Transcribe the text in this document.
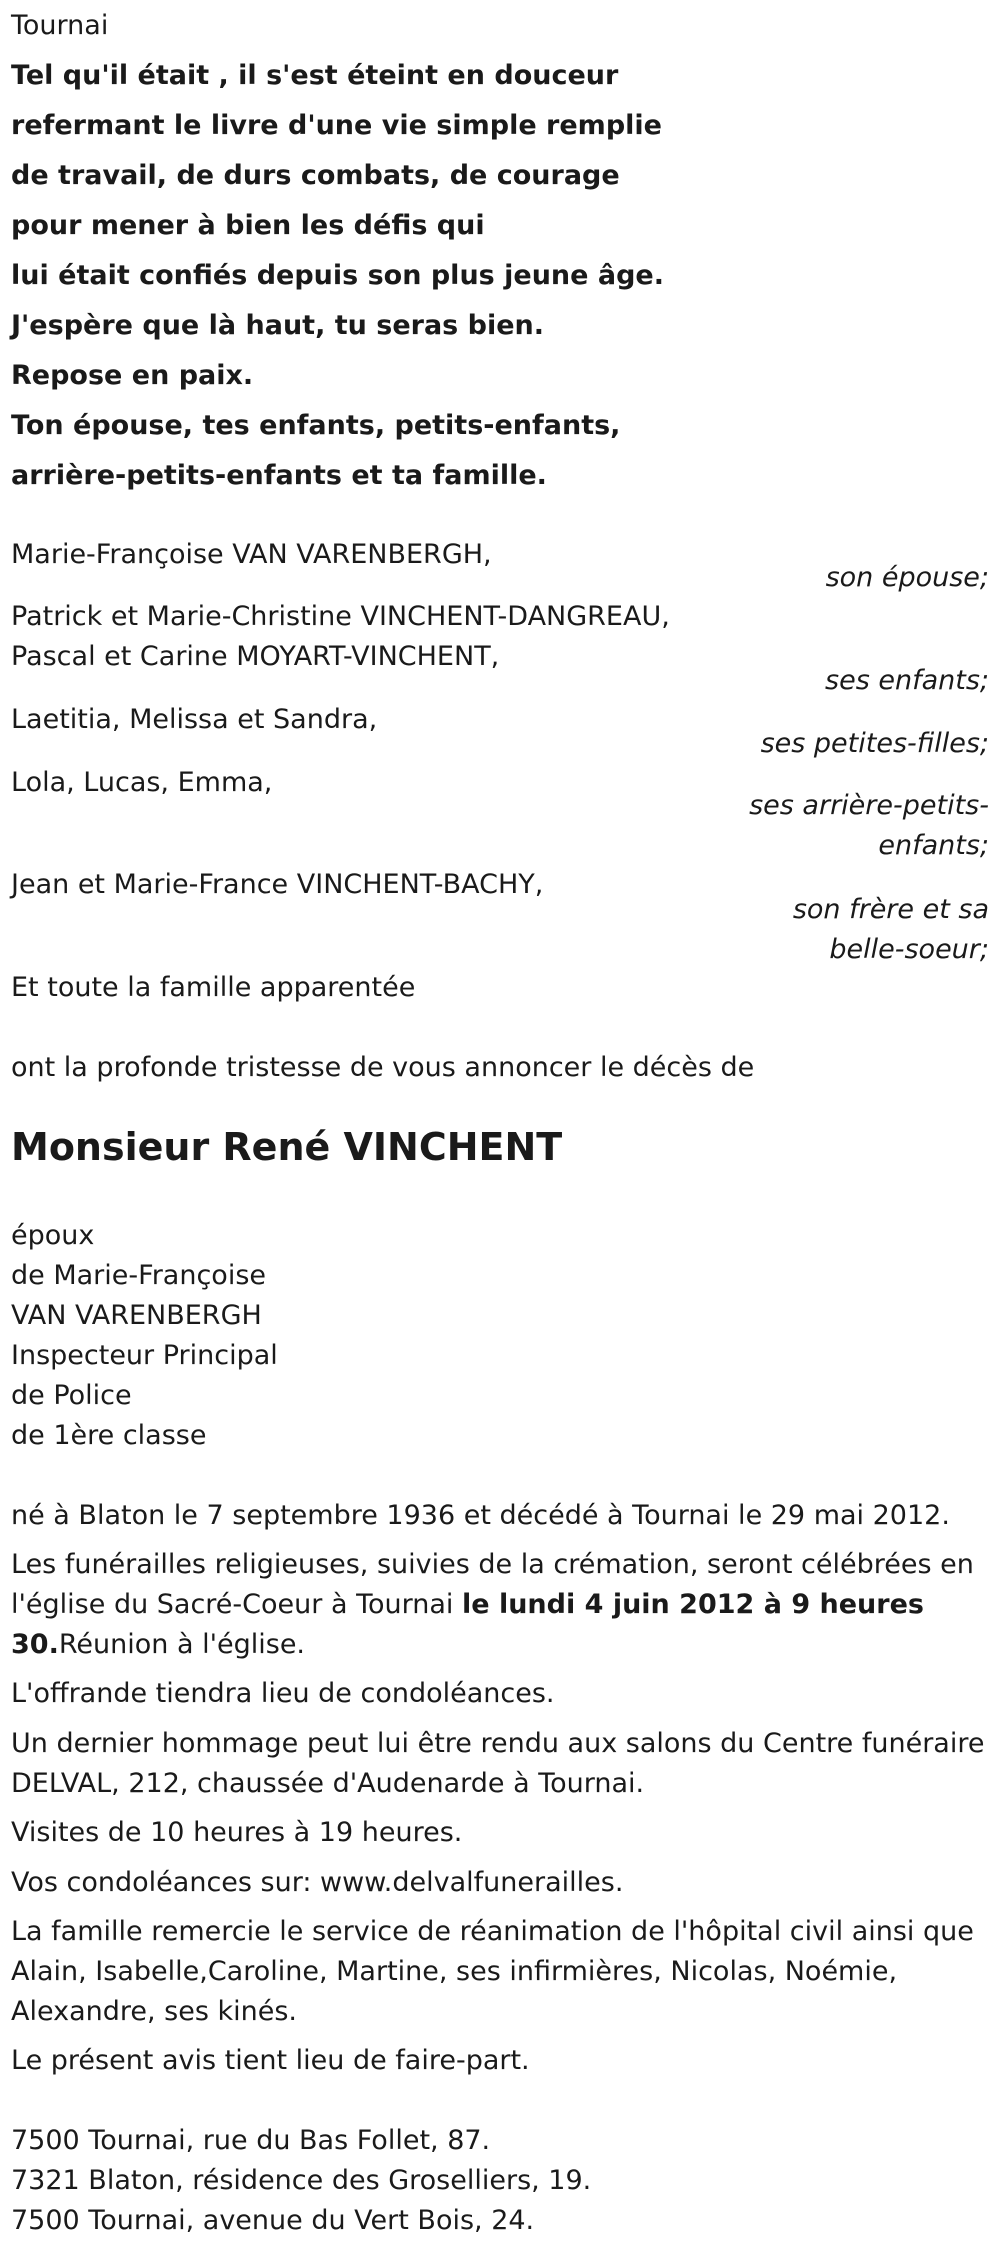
Tournai

Tel qu'il était , il s'est éteint en douceur

refermant le livre d'une vie simple remplie

de travail, de durs combats, de courage

pour mener à bien les défis qui

lui était confiés depuis son plus jeune âge.

J'espère que là haut, tu seras bien.

Repose en paix.

Ton épouse, tes enfants, petits-enfants,

arrière-petits-enfants et ta famille.

Marie-Françoise VAN VARENBERGH,

son épouse;

Patrick et Marie-Christine VINCHENT-DANGREAU,

Pascal et Carine MOYART-VINCHENT,

ses enfants;

Laetitia, Melissa et Sandra,

ses petites-filles;

Lola, Lucas, Emma,

ses arrière-petits-

enfants;

Jean et Marie-France VINCHENT-BACHY,

son frère et sa

belle-soeur;

Et toute la famille apparentée

ont la profonde tristesse de vous annoncer le décès de

Monsieur René VINCHENT

époux

de Marie-Françoise

VAN VARENBERGH

Inspecteur Principal

de Police

de 1ère classe

né à Blaton le 7 septembre 1936 et décédé à Tournai le 29 mai 2012.

Les funérailles religieuses, suivies de la crémation, seront célébrées en

l'église du Sacré-Coeur à Tournai le lundi 4 juin 2012 à 9 heures

30.Réunion à l'église.

L'offrande tiendra lieu de condoléances.

Un dernier hommage peut lui être rendu aux salons du Centre funéraire

DELVAL, 212, chaussée d'Audenarde à Tournai.

Visites de 10 heures à 19 heures.

Vos condoléances sur: www.delvalfunerailles.

La famille remercie le service de réanimation de l'hôpital civil ainsi que

Alain, Isabelle,Caroline, Martine, ses infirmières, Nicolas, Noémie,

Alexandre, ses kinés.

Le présent avis tient lieu de faire-part.

7500 Tournai, rue du Bas Follet, 87.

7321 Blaton, résidence des Groselliers, 19.

7500 Tournai, avenue du Vert Bois, 24.
